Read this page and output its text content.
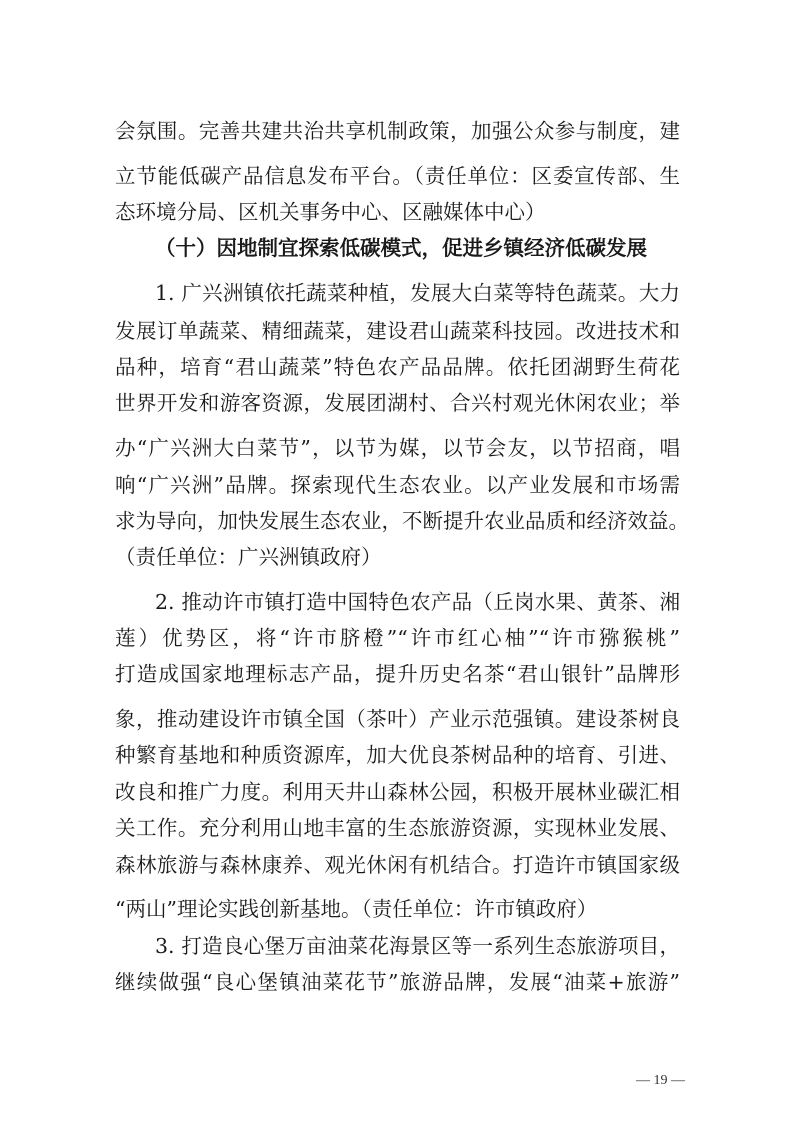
会氛围。完善共建共治共享机制政策，加强公众参与制度，建
立节能低碳产品信息发布平台。（责任单位：区委宣传部、生
态环境分局、区机关事务中心、区融媒体中心）
（十）因地制宜探索低碳模式，促进乡镇经济低碳发展
1. 广兴洲镇依托蔬菜种植，发展大白菜等特色蔬菜。大力
发展订单蔬菜、精细蔬菜，建设君山蔬菜科技园。改进技术和
品种，培育“君山蔬菜”特色农产品品牌。依托团湖野生荷花
世界开发和游客资源，发展团湖村、合兴村观光休闲农业；举
办“广兴洲大白菜节”，以节为媒，以节会友，以节招商，唱
响“广兴洲”品牌。探索现代生态农业。以产业发展和市场需
求为导向，加快发展生态农业，不断提升农业品质和经济效益。
（责任单位：广兴洲镇政府）
2. 推动许市镇打造中国特色农产品（丘岗水果、黄茶、湘
莲）优势区，将“许市脐橙”“许市红心柚”“许市猕猴桃”
打造成国家地理标志产品，提升历史名茶“君山银针”品牌形
象，推动建设许市镇全国（茶叶）产业示范强镇。建设茶树良
种繁育基地和种质资源库，加大优良茶树品种的培育、引进、
改良和推广力度。利用天井山森林公园，积极开展林业碳汇相
关工作。充分利用山地丰富的生态旅游资源，实现林业发展、
森林旅游与森林康养、观光休闲有机结合。打造许市镇国家级
“两山”理论实践创新基地。（责任单位：许市镇政府）
3. 打造良心堡万亩油菜花海景区等一系列生态旅游项目，
继续做强“良心堡镇油菜花节”旅游品牌，发展“油菜+旅游”
— 19 —
